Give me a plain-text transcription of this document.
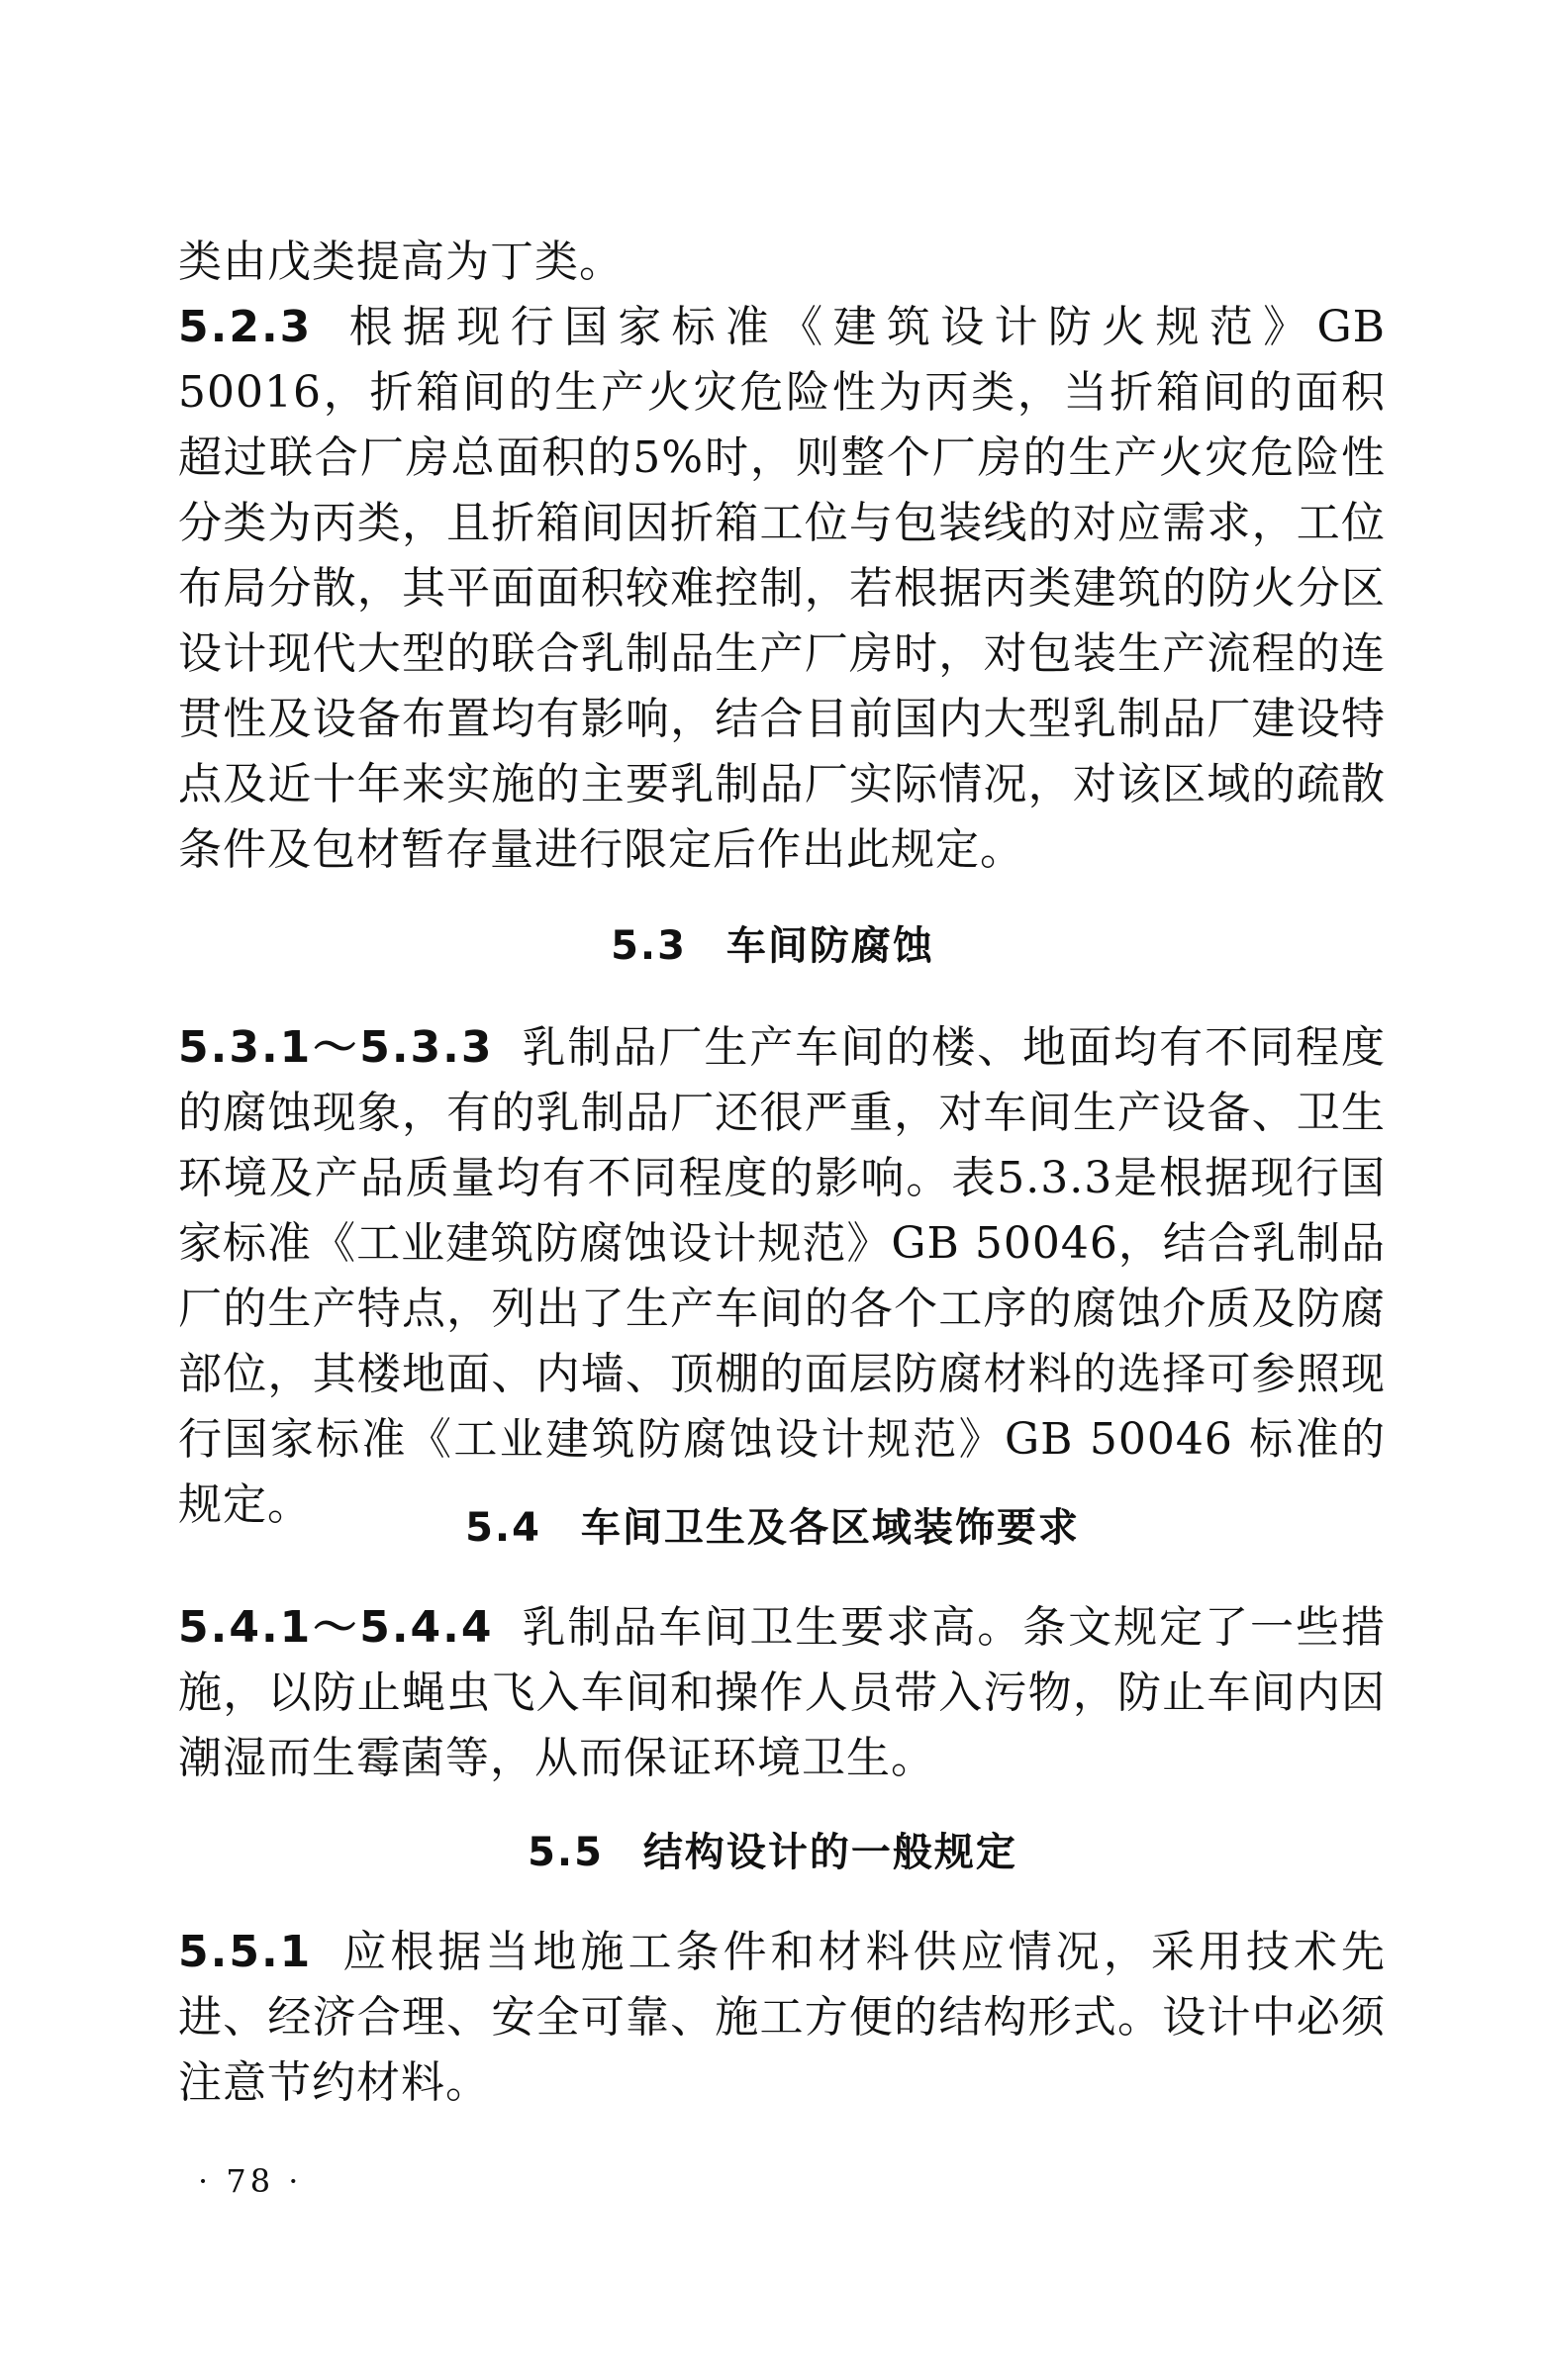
类由戊类提高为丁类。
5.2.3 根据现行国家标准《建筑设计防火规范》GB 50016，折箱间的生产火灾危险性为丙类，当折箱间的面积超过联合厂房总面积的5%时，则整个厂房的生产火灾危险性分类为丙类，且折箱间因折箱工位与包装线的对应需求，工位布局分散，其平面面积较难控制，若根据丙类建筑的防火分区设计现代大型的联合乳制品生产厂房时，对包装生产流程的连贯性及设备布置均有影响，结合目前国内大型乳制品厂建设特点及近十年来实施的主要乳制品厂实际情况，对该区域的疏散条件及包材暂存量进行限定后作出此规定。
5.3 车间防腐蚀
5.3.1～5.3.3 乳制品厂生产车间的楼、地面均有不同程度的腐蚀现象，有的乳制品厂还很严重，对车间生产设备、卫生环境及产品质量均有不同程度的影响。表5.3.3是根据现行国家标准《工业建筑防腐蚀设计规范》GB 50046，结合乳制品厂的生产特点，列出了生产车间的各个工序的腐蚀介质及防腐部位，其楼地面、内墙、顶棚的面层防腐材料的选择可参照现行国家标准《工业建筑防腐蚀设计规范》GB 50046 标准的规定。	5.4 车间卫生及各区域装饰要求
5.4.1～5.4.4 乳制品车间卫生要求高。条文规定了一些措施，以防止蝇虫飞入车间和操作人员带入污物，防止车间内因潮湿而生霉菌等，从而保证环境卫生。
5.5 结构设计的一般规定
5.5.1 应根据当地施工条件和材料供应情况，采用技术先进、经济合理、安全可靠、施工方便的结构形式。设计中必须注意节约材料。
· 78 ·
